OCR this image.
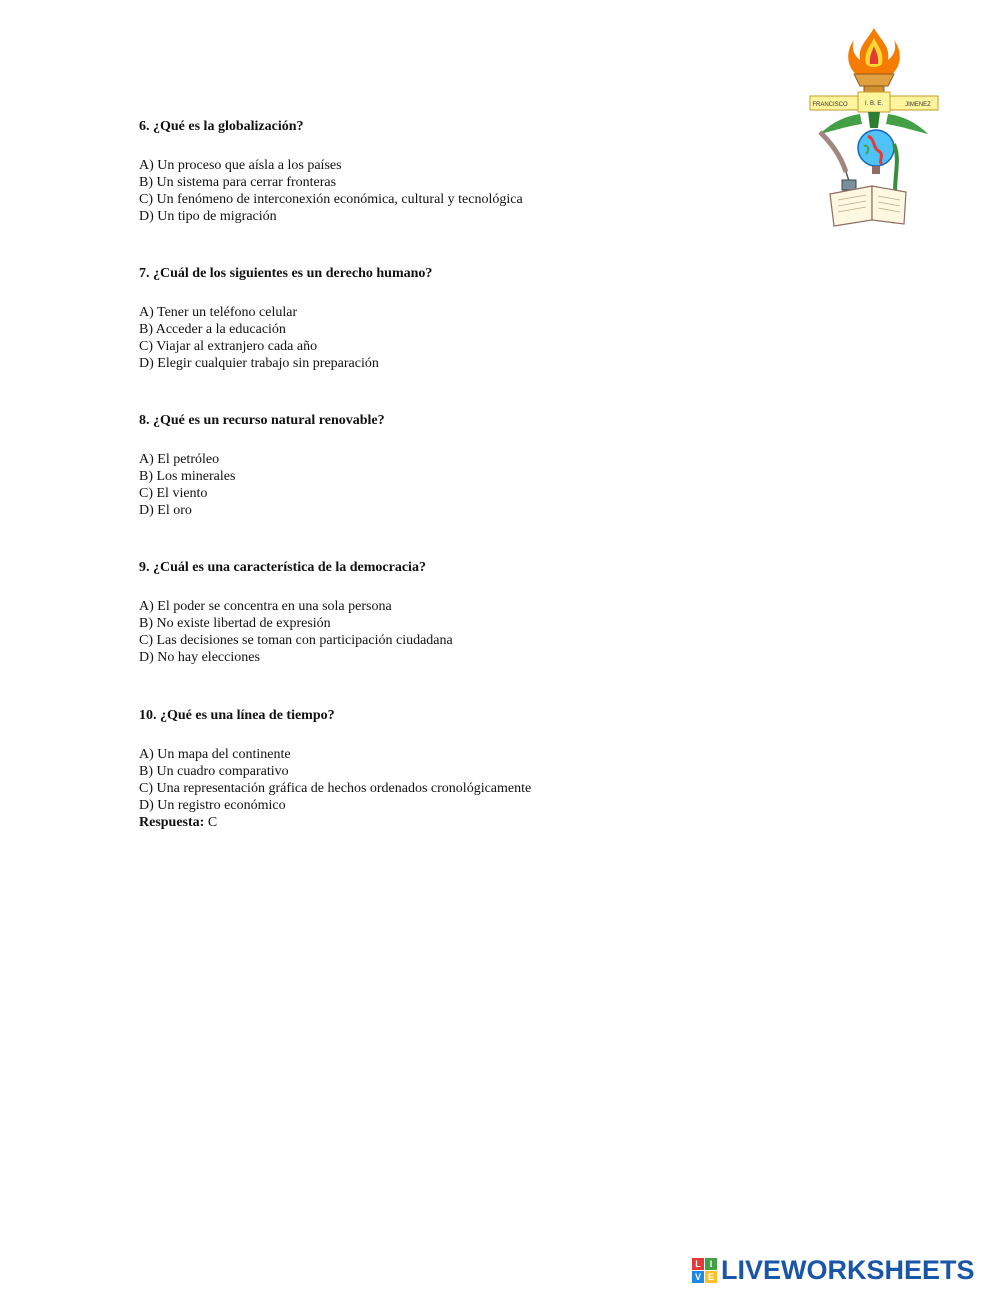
FRANCISCO	I. B. E.	JIMENEZ

6. ¿Qué es la globalización?

A) Un proceso que aísla a los países

B) Un sistema para cerrar fronteras

C) Un fenómeno de interconexión económica, cultural y tecnológica

D) Un tipo de migración

7. ¿Cuál de los siguientes es un derecho humano?

A) Tener un teléfono celular

B) Acceder a la educación

C) Viajar al extranjero cada año

D) Elegir cualquier trabajo sin preparación

8. ¿Qué es un recurso natural renovable?

A) El petróleo

B) Los minerales

C) El viento

D) El oro

9. ¿Cuál es una característica de la democracia?

A) El poder se concentra en una sola persona

B) No existe libertad de expresión

C) Las decisiones se toman con participación ciudadana

D) No hay elecciones

10. ¿Qué es una línea de tiempo?

A) Un mapa del continente

B) Un cuadro comparativo

C) Una representación gráfica de hechos ordenados cronológicamente

D) Un registro económico

Respuesta: C
L I
V E LIVEWORKSHEETS
